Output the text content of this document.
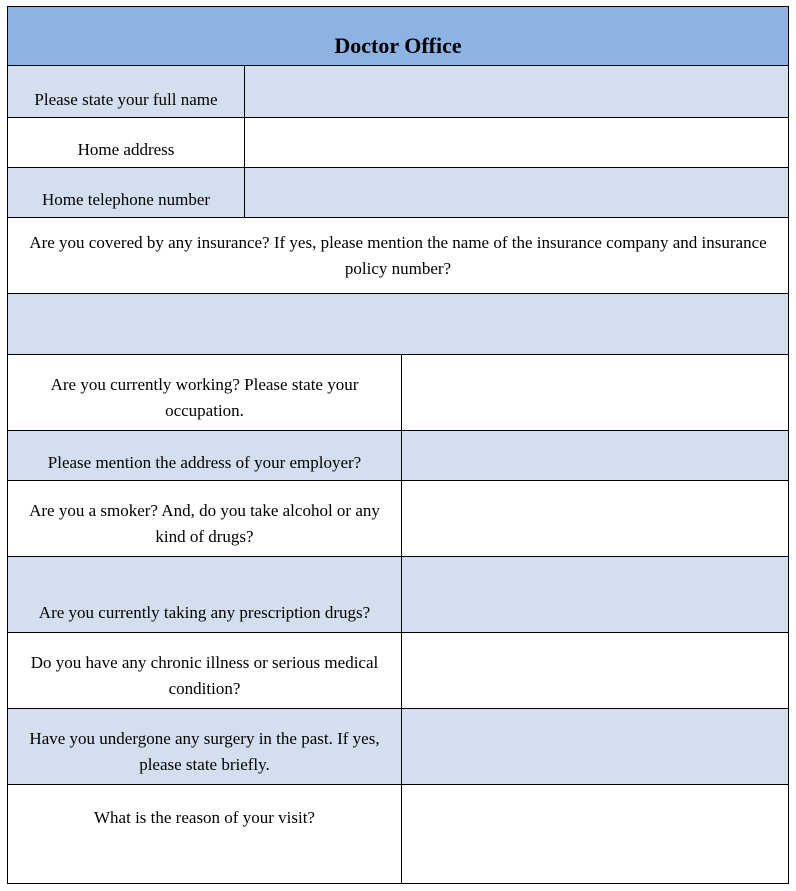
Doctor Office
Please state your full name
Home address
Home telephone number
Are you covered by any insurance? If yes, please mention the name of the insurance company and insurance policy number?
Are you currently working? Please state your occupation.
Please mention the address of your employer?
Are you a smoker? And, do you take alcohol or any kind of drugs?
Are you currently taking any prescription drugs?
Do you have any chronic illness or serious medical condition?
Have you undergone any surgery in the past. If yes, please state briefly.
What is the reason of your visit?
